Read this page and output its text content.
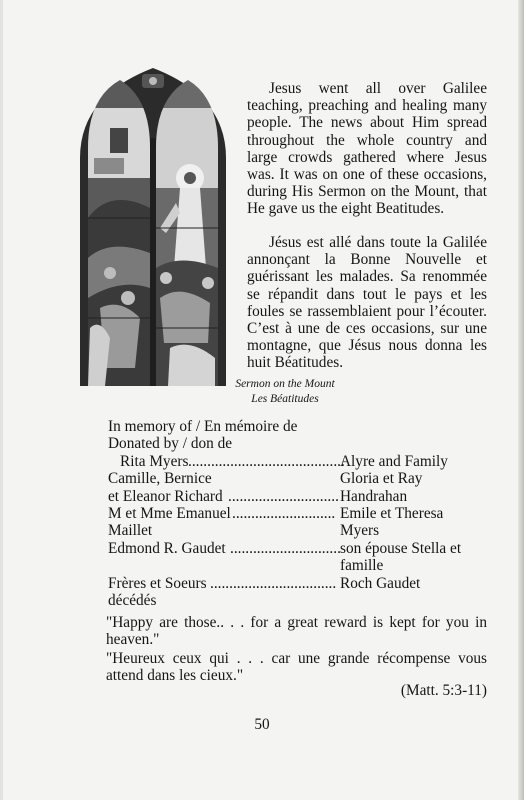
Sermon on the Mount
Les Béatitudes
Jesus went all over Galilee teaching, preaching and healing many people. The news about Him spread throughout the whole country and large crowds gathered where Jesus was. It was on one of these occasions, during His Sermon on the Mount, that He gave us the eight Beatitudes.
Jésus est allé dans toute la Galilée annonçant la Bonne Nouvelle et guérissant les malades. Sa renommée se répandit dans tout le pays et les foules se rassemblaient pour l’écouter. C’est à une de ces occasions, sur une montagne, que Jésus nous donna les huit Béatitudes.
In memory of / En mémoire de
Donated by / don de
Rita Myers .........................................
Alyre and Family
Camille, Bernice	Gloria et Ray
et Eleanor Richard ............................. Handrahan
M et Mme Emanuel ........................... Emile et Theresa
Maillet	Myers
Edmond R. Gaudet ............................. son épouse Stella et
famille
Frères et Soeurs ................................. Roch Gaudet
décédés
"Happy are those.. . . for a great reward is kept for you in heaven."
"Heureux ceux qui . . . car une grande récompense vous attend dans les cieux."
(Matt. 5:3-11)
50
